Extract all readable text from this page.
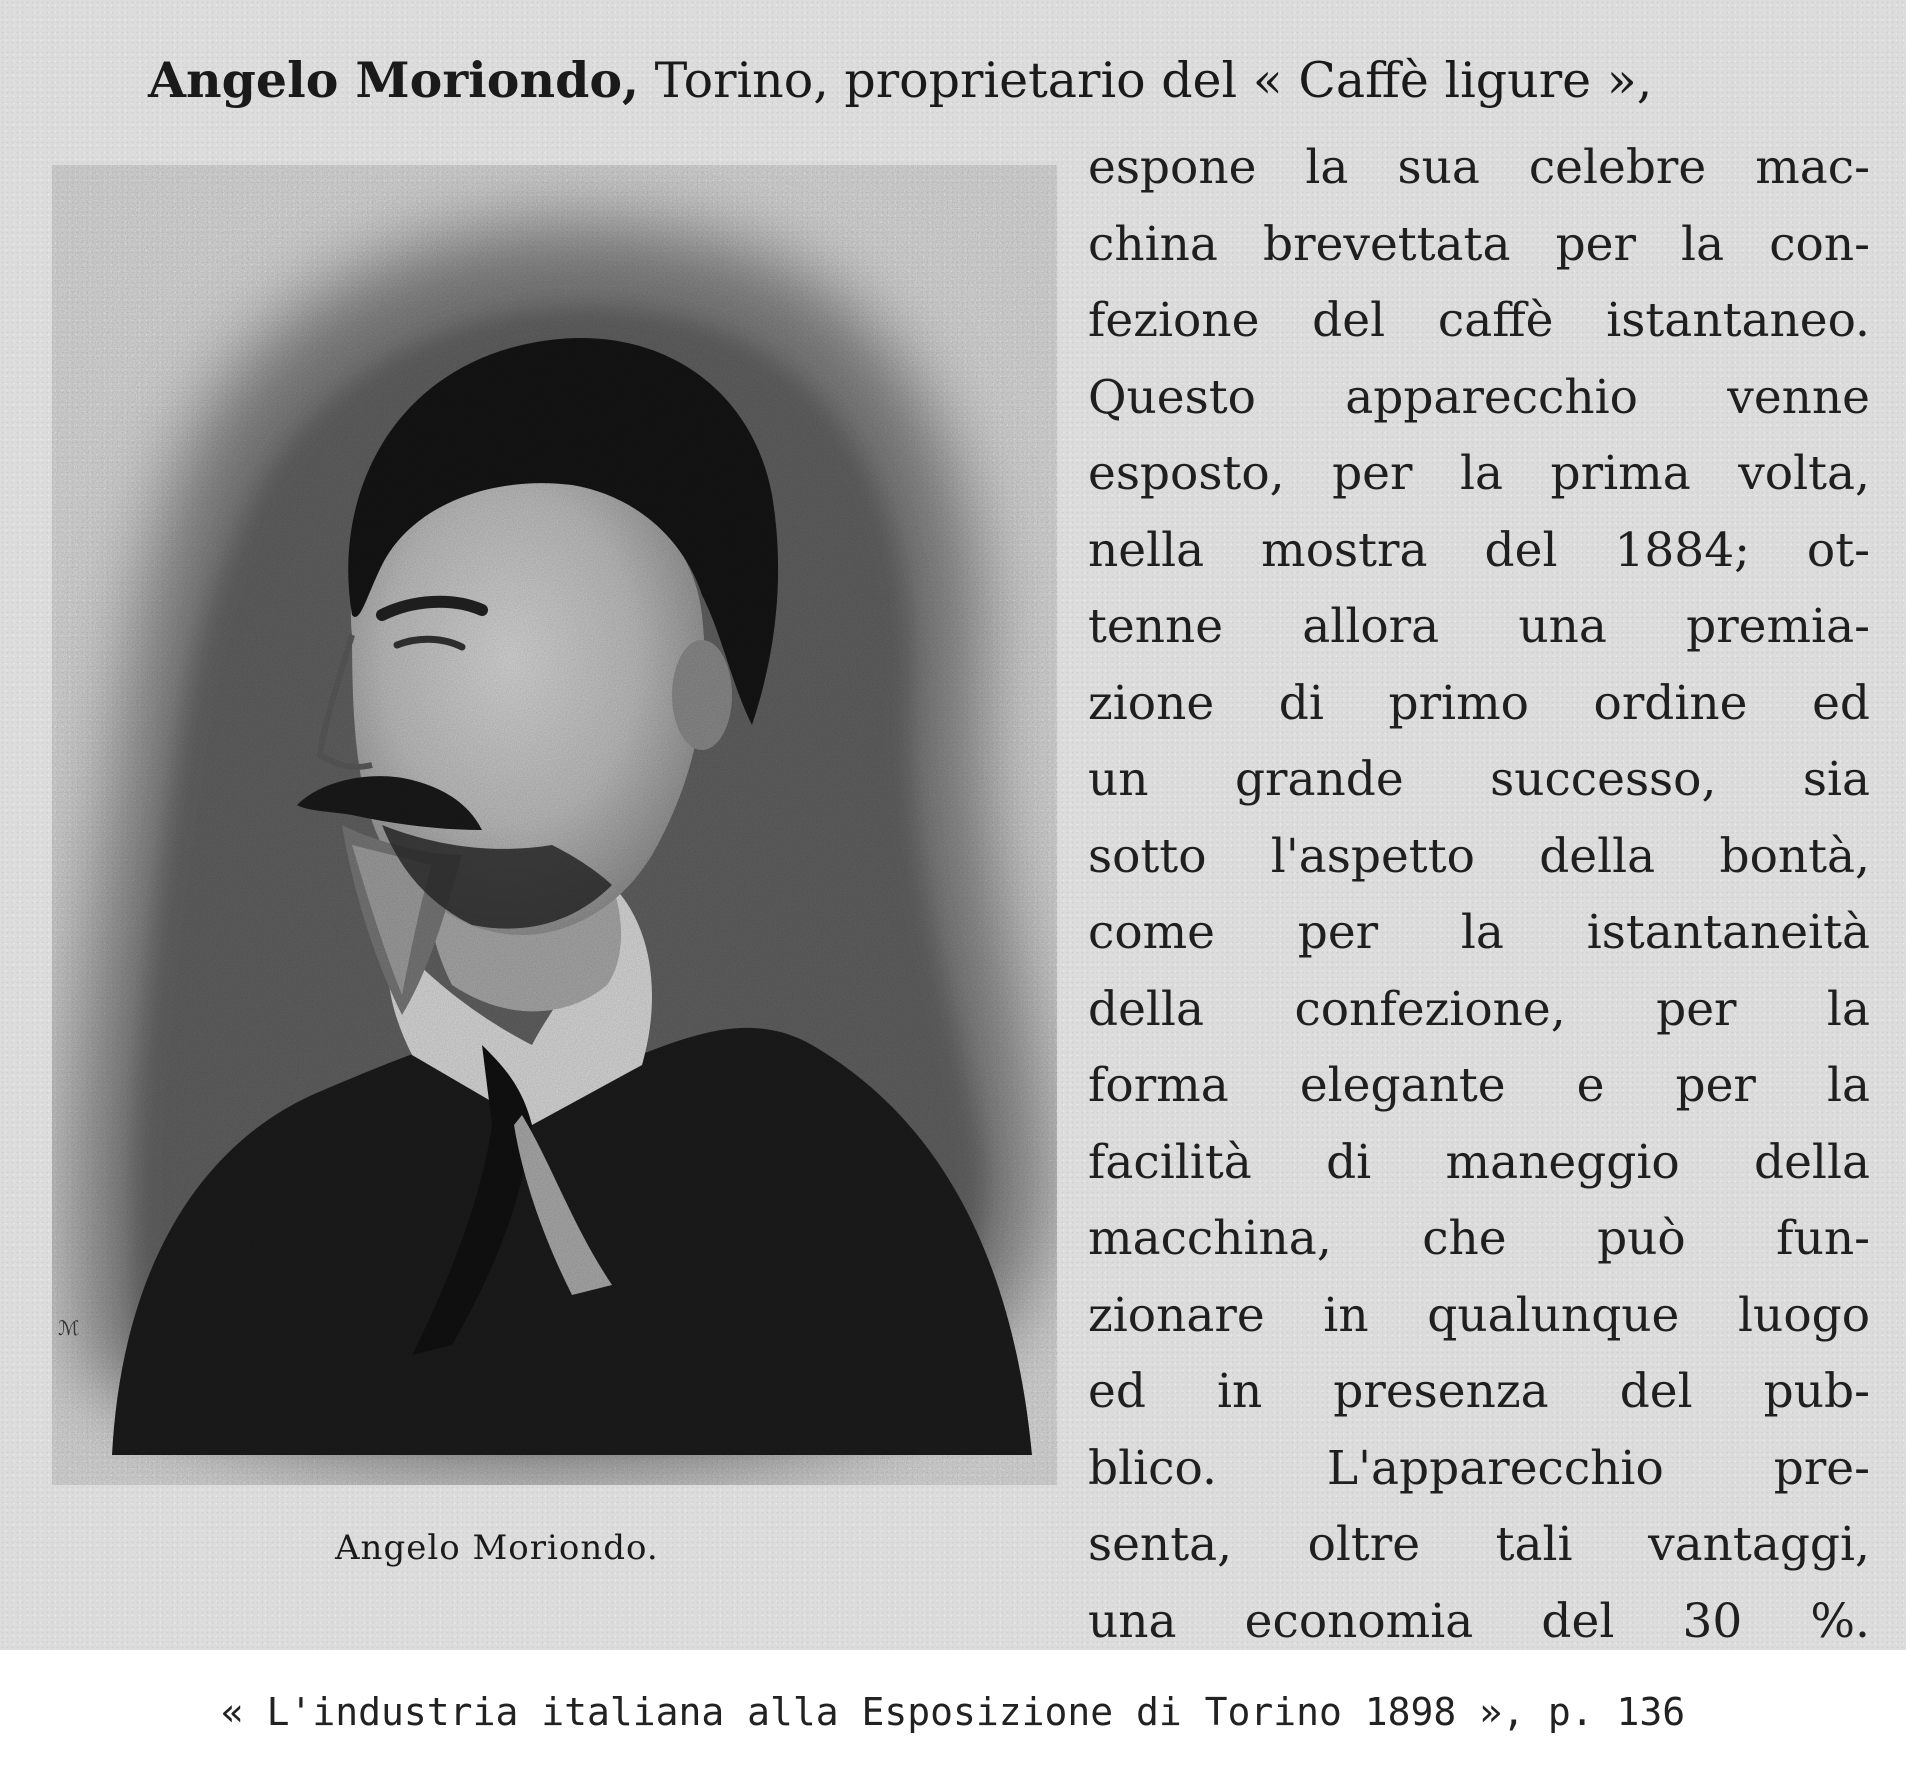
Angelo Moriondo, Torino, proprietario del « Caffè ligure »,
espone la sua celebre mac-
china brevettata per la con-
fezione del caffè istantaneo.
Questo apparecchio venne
esposto, per la prima volta,
nella mostra del 1884; ot-
tenne allora una premia-
zione di primo ordine ed
un grande successo, sia
sotto l'aspetto della bontà,
come per la istantaneità
della confezione, per la
forma elegante e per la
facilità di maneggio della
macchina, che può fun-
zionare in qualunque luogo
ed in presenza del pub-
blico. L'apparecchio pre-
senta, oltre tali vantaggi,
una economia del 30 %.
ℳ
Angelo Moriondo.
« L'industria italiana alla Esposizione di Torino 1898 », p. 136
